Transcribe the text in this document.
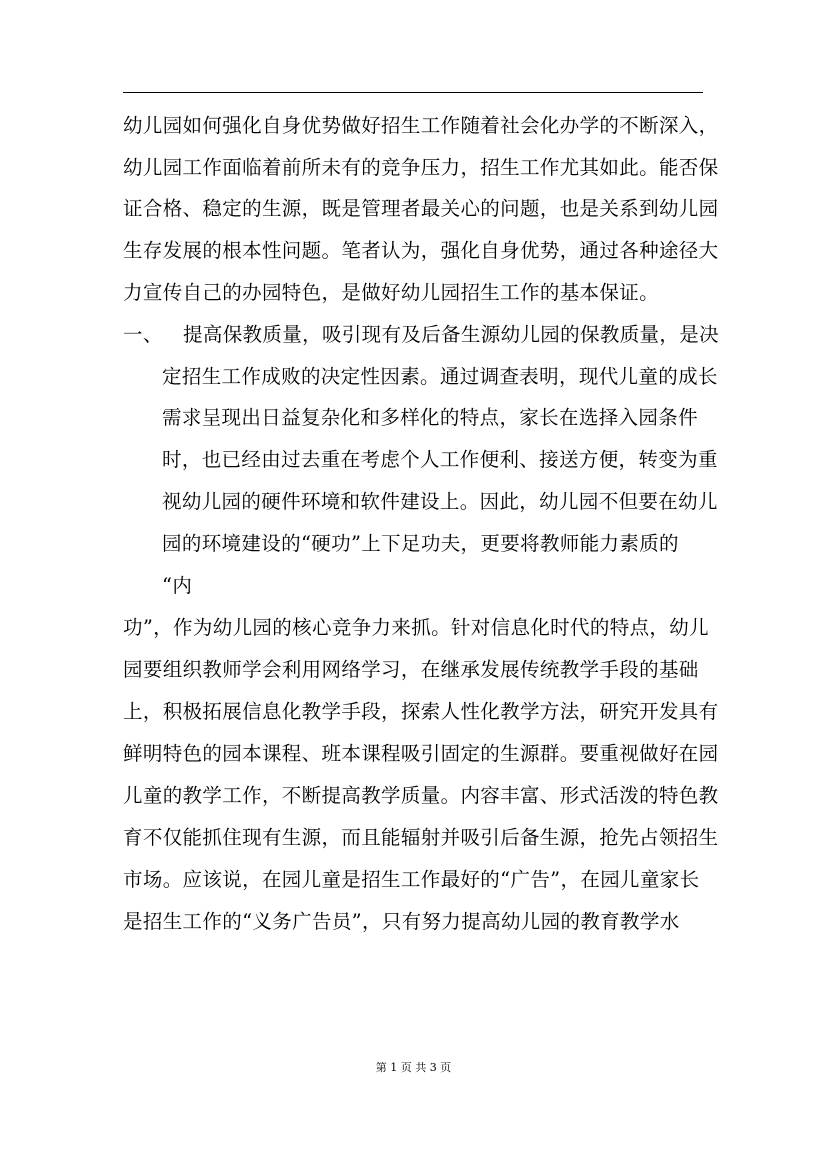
幼儿园如何强化自身优势做好招生工作随着社会化办学的不断深入，
幼儿园工作面临着前所未有的竞争压力，招生工作尤其如此。能否保
证合格、稳定的生源，既是管理者最关心的问题，也是关系到幼儿园
生存发展的根本性问题。笔者认为，强化自身优势，通过各种途径大
力宣传自己的办园特色，是做好幼儿园招生工作的基本保证。
一、 提高保教质量，吸引现有及后备生源幼儿园的保教质量，是决
定招生工作成败的决定性因素。通过调查表明，现代儿童的成长
需求呈现出日益复杂化和多样化的特点，家长在选择入园条件
时，也已经由过去重在考虑个人工作便利、接送方便，转变为重
视幼儿园的硬件环境和软件建设上。因此，幼儿园不但要在幼儿
园的环境建设的“硬功”上下足功夫，更要将教师能力素质的
“内
功”，作为幼儿园的核心竞争力来抓。针对信息化时代的特点，幼儿
园要组织教师学会利用网络学习，在继承发展传统教学手段的基础
上，积极拓展信息化教学手段，探索人性化教学方法，研究开发具有
鲜明特色的园本课程、班本课程吸引固定的生源群。要重视做好在园
儿童的教学工作，不断提高教学质量。内容丰富、形式活泼的特色教
育不仅能抓住现有生源，而且能辐射并吸引后备生源，抢先占领招生
市场。应该说，在园儿童是招生工作最好的“广告”，在园儿童家长
是招生工作的“义务广告员”，只有努力提高幼儿园的教育教学水
第 1 页 共 3 页
